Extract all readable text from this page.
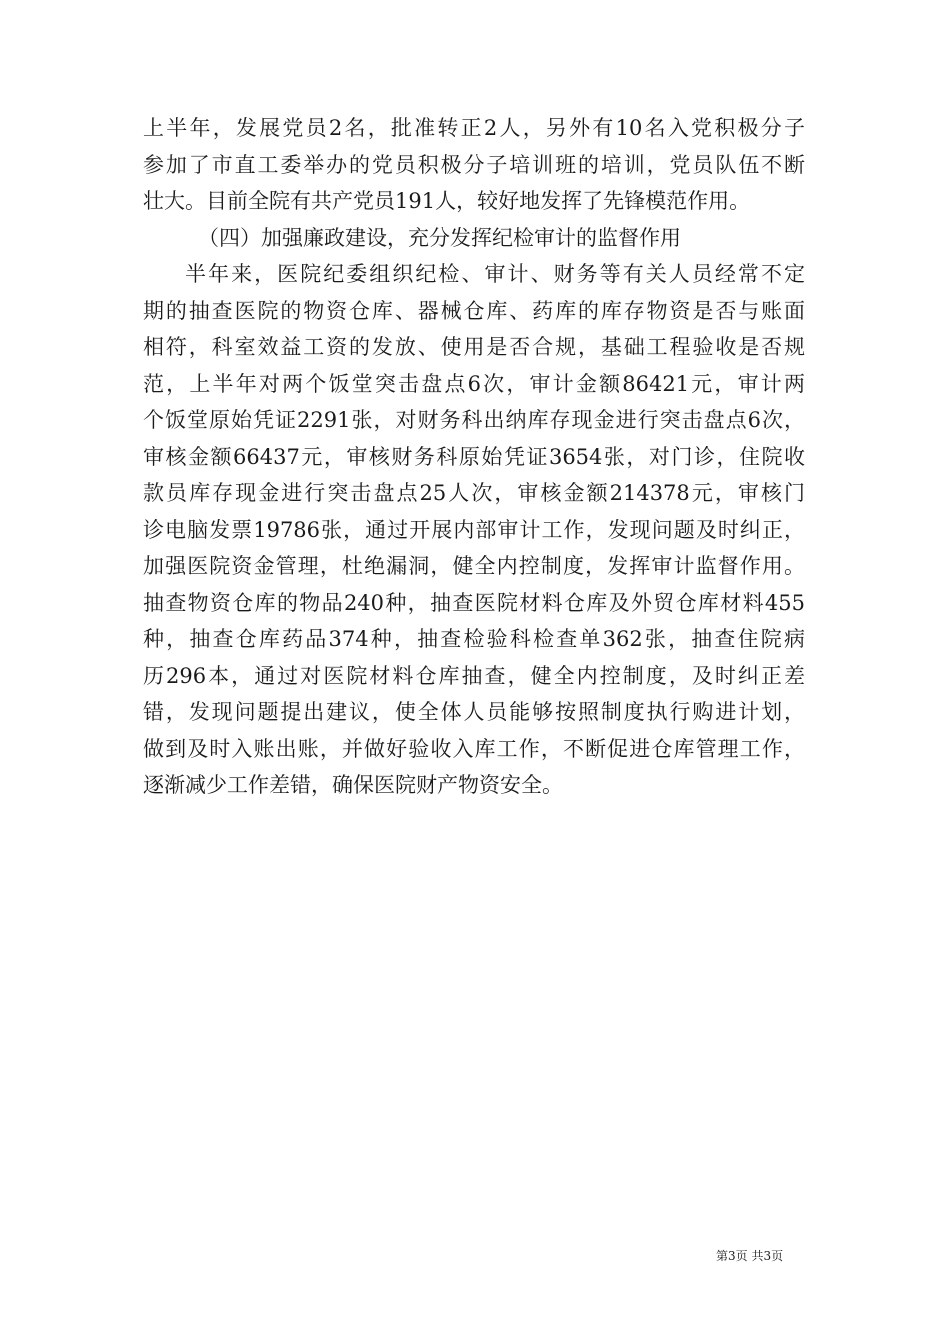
上半年，发展党员2名，批准转正2人，另外有10名入党积极分子
参加了市直工委举办的党员积极分子培训班的培训，党员队伍不断
壮大。目前全院有共产党员191人，较好地发挥了先锋模范作用。
（四）加强廉政建设，充分发挥纪检审计的监督作用
半年来，医院纪委组织纪检、审计、财务等有关人员经常不定
期的抽查医院的物资仓库、器械仓库、药库的库存物资是否与账面
相符，科室效益工资的发放、使用是否合规，基础工程验收是否规
范，上半年对两个饭堂突击盘点6次，审计金额86421元，审计两
个饭堂原始凭证2291张，对财务科出纳库存现金进行突击盘点6次，
审核金额66437元，审核财务科原始凭证3654张，对门诊，住院收
款员库存现金进行突击盘点25人次，审核金额214378元，审核门
诊电脑发票19786张，通过开展内部审计工作，发现问题及时纠正，
加强医院资金管理，杜绝漏洞，健全内控制度，发挥审计监督作用。
抽查物资仓库的物品240种，抽查医院材料仓库及外贸仓库材料455
种，抽查仓库药品374种，抽查检验科检查单362张，抽查住院病
历296本，通过对医院材料仓库抽查，健全内控制度，及时纠正差
错，发现问题提出建议，使全体人员能够按照制度执行购进计划，
做到及时入账出账，并做好验收入库工作，不断促进仓库管理工作，
逐渐减少工作差错，确保医院财产物资安全。
第3页 共3页
